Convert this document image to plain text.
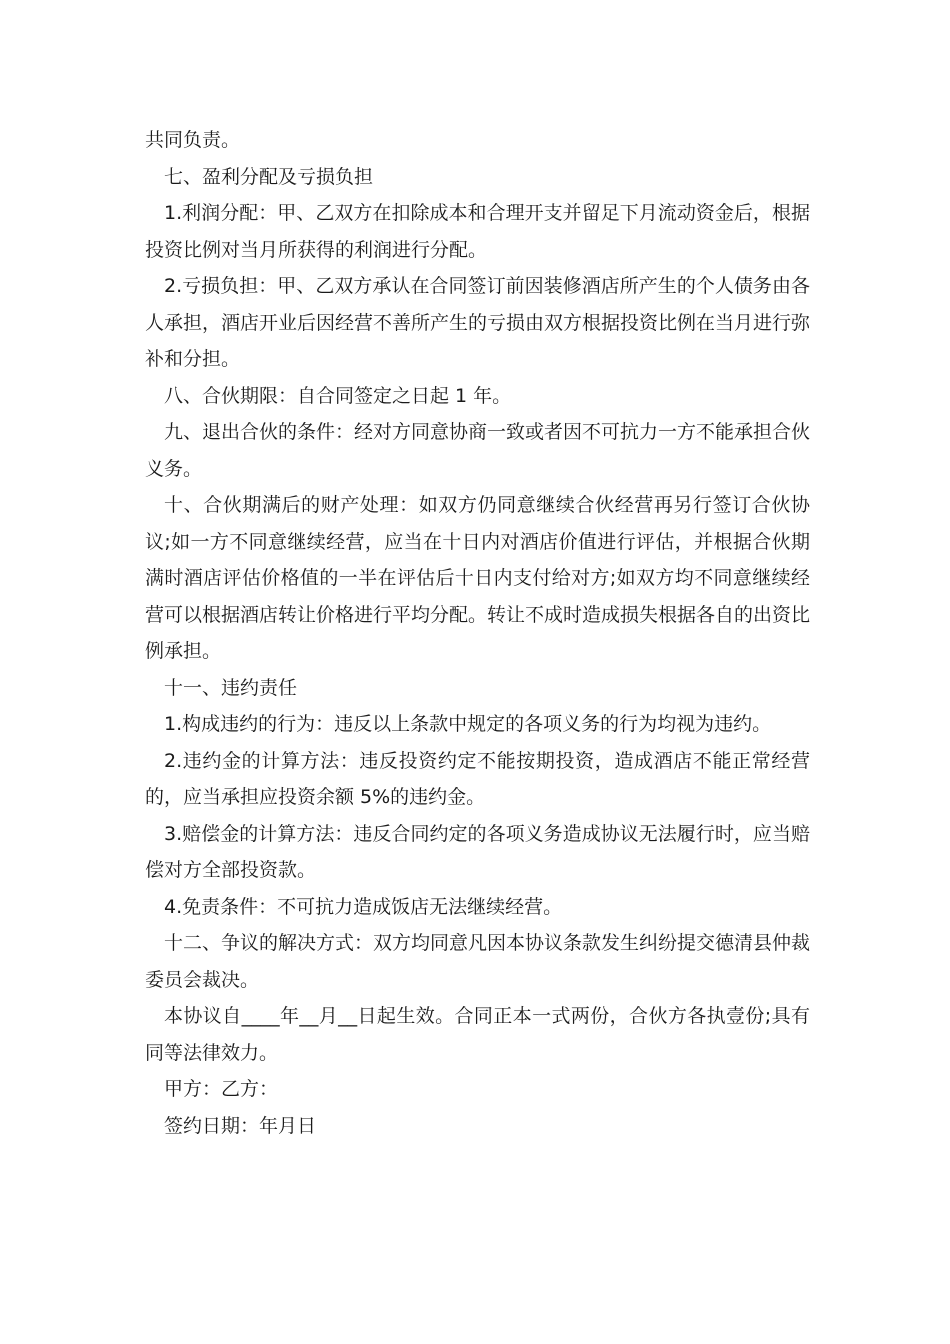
共同负责。

七、盈利分配及亏损负担

1.利润分配：甲、乙双方在扣除成本和合理开支并留足下月流动资金后，根据投资比例对当月所获得的利润进行分配。

2.亏损负担：甲、乙双方承认在合同签订前因装修酒店所产生的个人债务由各人承担，酒店开业后因经营不善所产生的亏损由双方根据投资比例在当月进行弥补和分担。

八、合伙期限：自合同签定之日起 1 年。

九、退出合伙的条件：经对方同意协商一致或者因不可抗力一方不能承担合伙义务。

十、合伙期满后的财产处理：如双方仍同意继续合伙经营再另行签订合伙协议;如一方不同意继续经营，应当在十日内对酒店价值进行评估，并根据合伙期满时酒店评估价格值的一半在评估后十日内支付给对方;如双方均不同意继续经营可以根据酒店转让价格进行平均分配。转让不成时造成损失根据各自的出资比例承担。

十一、违约责任

1.构成违约的行为：违反以上条款中规定的各项义务的行为均视为违约。

2.违约金的计算方法：违反投资约定不能按期投资，造成酒店不能正常经营的，应当承担应投资余额 5%的违约金。

3.赔偿金的计算方法：违反合同约定的各项义务造成协议无法履行时，应当赔偿对方全部投资款。

4.免责条件：不可抗力造成饭店无法继续经营。

十二、争议的解决方式：双方均同意凡因本协议条款发生纠纷提交德清县仲裁委员会裁决。

本协议自____年__月__日起生效。合同正本一式两份，合伙方各执壹份;具有同等法律效力。

甲方：乙方：

签约日期：年月日
